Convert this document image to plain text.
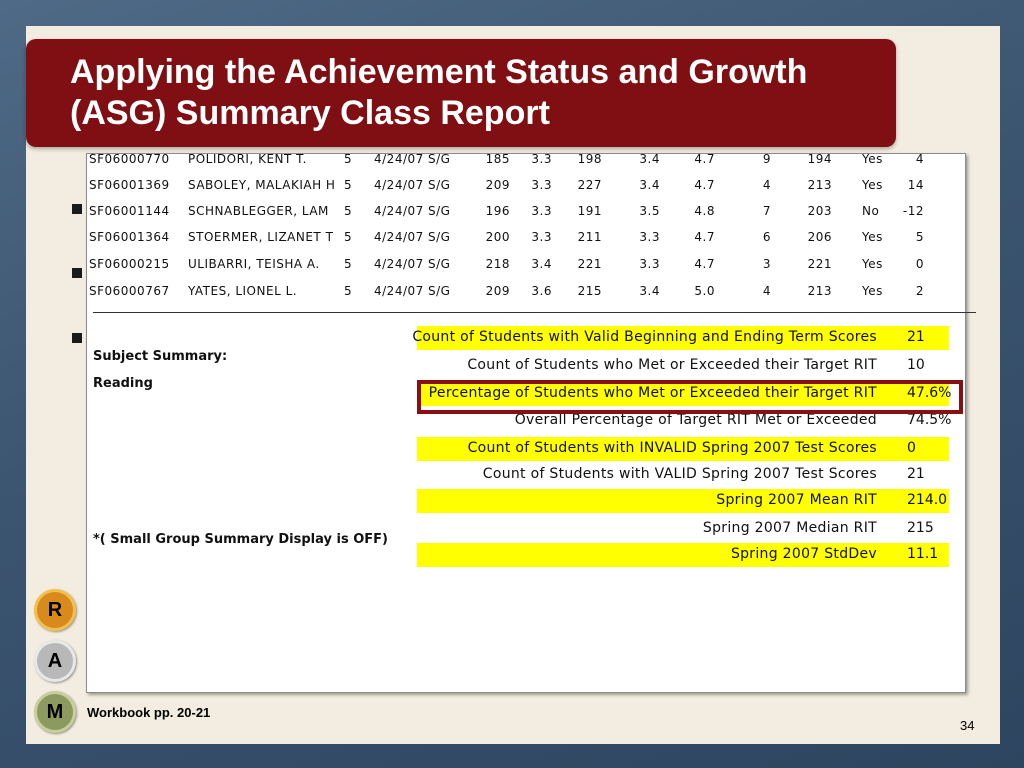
Applying the Achievement Status and Growth (ASG) Summary Class Report
SF06000770 POLIDORI, KENT T.	5 4/24/07 S/G	185	3.3	198	3.4	4.7	9	194	Yes	4
SF06001369 SABOLEY, MALAKIAH H 5 4/24/07 S/G	209	3.3	227	3.4	4.7	4	213	Yes	14
SF06001144 SCHNABLEGGER, LAM 5 4/24/07 S/G	196	3.3	191	3.5	4.8	7	203	No	-12
SF06001364 STOERMER, LIZANET T 5 4/24/07 S/G	200	3.3	211	3.3	4.7	6	206	Yes	5
SF06000215 ULIBARRI, TEISHA A. 5 4/24/07 S/G	218	3.4	221	3.3	4.7	3	221	Yes	0
SF06000767 YATES, LIONEL L.	5 4/24/07 S/G	209	3.6	215	3.4	5.0	4	213	Yes	2
Subject Summary:
Reading
*( Small Group Summary Display is OFF)
Count of Students with Valid Beginning and Ending Term Scores 21
Count of Students who Met or Exceeded their Target RIT 10
Percentage of Students who Met or Exceeded their Target RIT 47.6%
Overall Percentage of Target RIT Met or Exceeded 74.5%
Count of Students with INVALID Spring 2007 Test Scores 0
Count of Students with VALID Spring 2007 Test Scores 21
Spring 2007 Mean RIT 214.0
Spring 2007 Median RIT 215
Spring 2007 StdDev 11.1
R
A
M	Workbook pp. 20-21
34
